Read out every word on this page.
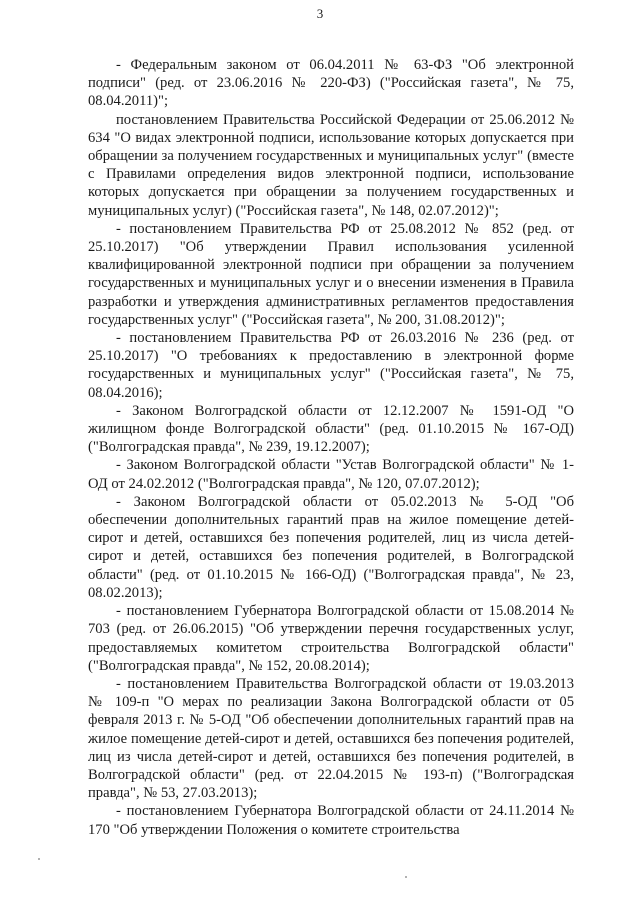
3

- Федеральным законом от 06.04.2011 № 63-ФЗ "Об электронной подписи" (ред. от 23.06.2016 № 220-ФЗ) ("Российская газета", № 75, 08.04.2011)";

постановлением Правительства Российской Федерации от 25.06.2012 № 634 "О видах электронной подписи, использование которых допускается при обращении за получением государственных и муниципальных услуг" (вместе с Правилами определения видов электронной подписи, использование которых допускается при обращении за получением государственных и муниципальных услуг) ("Российская газета", № 148, 02.07.2012)";

- постановлением Правительства РФ от 25.08.2012 № 852 (ред. от 25.10.2017) "Об утверждении Правил использования усиленной квалифицированной электронной подписи при обращении за получением государственных и муниципальных услуг и о внесении изменения в Правила разработки и утверждения административных регламентов предоставления государственных услуг" ("Российская газета", № 200, 31.08.2012)";

- постановлением Правительства РФ от 26.03.2016 № 236 (ред. от 25.10.2017) "О требованиях к предоставлению в электронной форме государственных и муниципальных услуг" ("Российская газета", № 75, 08.04.2016);

- Законом Волгоградской области от 12.12.2007 № 1591-ОД "О жилищном фонде Волгоградской области" (ред. 01.10.2015 № 167-ОД) ("Волгоградская правда", № 239, 19.12.2007);

- Законом Волгоградской области "Устав Волгоградской области" № 1-ОД от 24.02.2012 ("Волгоградская правда", № 120, 07.07.2012);

- Законом Волгоградской области от 05.02.2013 № 5-ОД "Об обеспечении дополнительных гарантий прав на жилое помещение детей-сирот и детей, оставшихся без попечения родителей, лиц из числа детей-сирот и детей, оставшихся без попечения родителей, в Волгоградской области" (ред. от 01.10.2015 № 166-ОД) ("Волгоградская правда", № 23, 08.02.2013);

- постановлением Губернатора Волгоградской области от 15.08.2014 № 703 (ред. от 26.06.2015) "Об утверждении перечня государственных услуг, предоставляемых комитетом строительства Волгоградской области" ("Волгоградская правда", № 152, 20.08.2014);

- постановлением Правительства Волгоградской области от 19.03.2013 № 109-п "О мерах по реализации Закона Волгоградской области от 05 февраля 2013 г. № 5-ОД "Об обеспечении дополнительных гарантий прав на жилое помещение детей-сирот и детей, оставшихся без попечения родителей, лиц из числа детей-сирот и детей, оставшихся без попечения родителей, в Волгоградской области" (ред. от 22.04.2015 № 193-п) ("Волгоградская правда", № 53, 27.03.2013);

- постановлением Губернатора Волгоградской области от 24.11.2014 № 170 "Об утверждении Положения о комитете строительства
